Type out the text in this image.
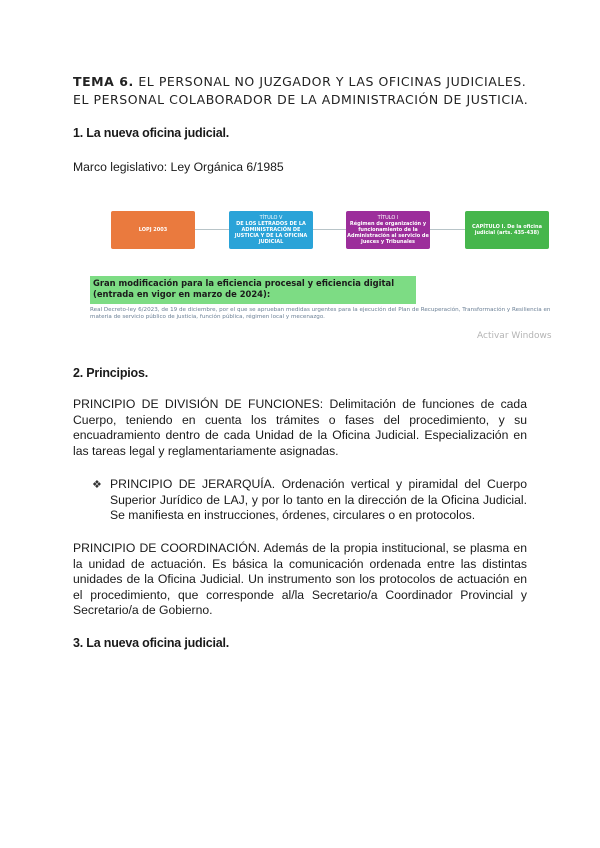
TEMA 6. EL PERSONAL NO JUZGADOR Y LAS OFICINAS JUDICIALES. EL PERSONAL COLABORADOR DE LA ADMINISTRACIÓN DE JUSTICIA.
1. La nueva oficina judicial.
Marco legislativo: Ley Orgánica 6/1985
LOPJ 2003
TÍTULO V
DE LOS LETRADOS DE LA ADMINISTRACIÓN DE JUSTICIA Y DE LA OFICINA JUDICIAL
TÍTULO I
Régimen de organización y funcionamiento de la Administración al servicio de Jueces y Tribunales
CAPÍTULO I. De la oficina judicial (arts. 435-438)
Gran modificación para la eficiencia procesal y eficiencia digital
(entrada en vigor en marzo de 2024):
Real Decreto-ley 6/2023, de 19 de diciembre, por el que se aprueban medidas urgentes para la ejecución del Plan de Recuperación, Transformación y Resiliencia en materia de servicio público de justicia, función pública, régimen local y mecenazgo.
Activar Windows
2. Principios.
PRINCIPIO DE DIVISIÓN DE FUNCIONES: Delimitación de funciones de cada Cuerpo, teniendo en cuenta los trámites o fases del procedimiento, y su encuadramiento dentro de cada Unidad de la Oficina Judicial. Especialización en las tareas legal y reglamentariamente asignadas.
❖ PRINCIPIO DE JERARQUÍA. Ordenación vertical y piramidal del Cuerpo Superior Jurídico de LAJ, y por lo tanto en la dirección de la Oficina Judicial. Se manifiesta en instrucciones, órdenes, circulares o en protocolos.
PRINCIPIO DE COORDINACIÓN. Además de la propia institucional, se plasma en la unidad de actuación. Es básica la comunicación ordenada entre las distintas unidades de la Oficina Judicial. Un instrumento son los protocolos de actuación en el procedimiento, que corresponde al/la Secretario/a Coordinador Provincial y Secretario/a de Gobierno.
3. La nueva oficina judicial.
